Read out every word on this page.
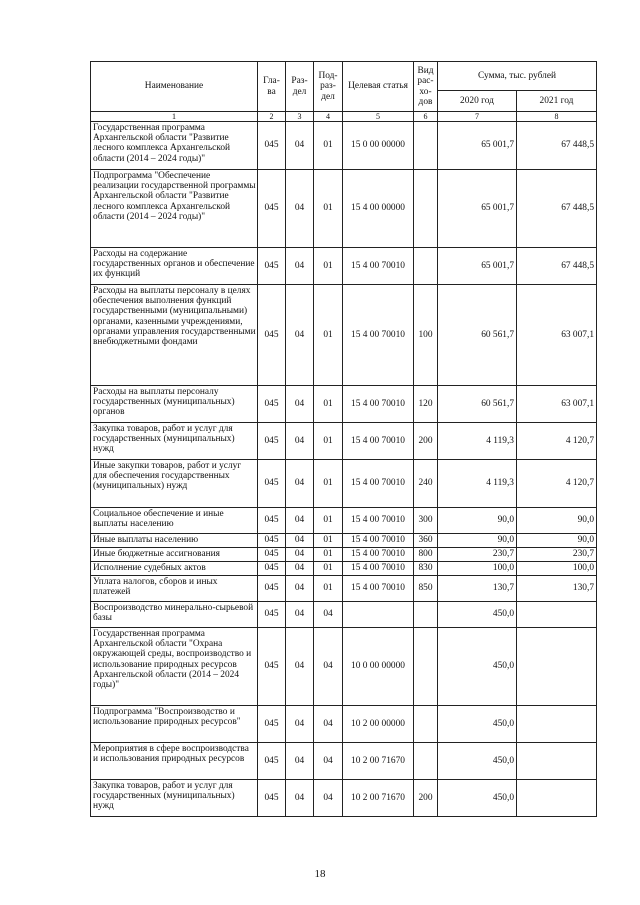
Наименование	Гла-ва	Раз-дел	Под-раз-дел	Целевая статья	Вид рас-хо-дов	Сумма, тыс. рублей	
						2020 год	2021 год
1	2	3	4	5	6	7	8
Государственная программа Архангельской области "Развитие лесного комплекса Архангельской области (2014 – 2024 годы)"	045	04	01	15 0 00 00000		65 001,7	67 448,5
Подпрограмма "Обеспечение реализации государственной программы Архангельской области "Развитие лесного комплекса Архангельской области (2014 – 2024 годы)"	045	04	01	15 4 00 00000		65 001,7	67 448,5
Расходы на содержание государственных органов и обеспечение их функций	045	04	01	15 4 00 70010		65 001,7	67 448,5
Расходы на выплаты персоналу в целях обеспечения выполнения функций государственными (муниципальными) органами, казенными учреждениями, органами управления государственными внебюджетными фондами	045	04	01	15 4 00 70010	100	60 561,7	63 007,1
Расходы на выплаты персоналу государственных (муниципальных) органов	045	04	01	15 4 00 70010	120	60 561,7	63 007,1
Закупка товаров, работ и услуг для государственных (муниципальных) нужд	045	04	01	15 4 00 70010	200	4 119,3	4 120,7
Иные закупки товаров, работ и услуг для обеспечения государственных (муниципальных) нужд	045	04	01	15 4 00 70010	240	4 119,3	4 120,7
Социальное обеспечение и иные выплаты населению	045	04	01	15 4 00 70010	300	90,0	90,0
Иные выплаты населению	045	04	01	15 4 00 70010	360	90,0	90,0
Иные бюджетные ассигнования	045	04	01	15 4 00 70010	800	230,7	230,7
Исполнение судебных актов	045	04	01	15 4 00 70010	830	100,0	100,0
Уплата налогов, сборов и иных платежей	045	04	01	15 4 00 70010	850	130,7	130,7
Воспроизводство минерально-сырьевой базы	045	04	04			450,0	
Государственная программа Архангельской области "Охрана окружающей среды, воспроизводство и использование природных ресурсов Архангельской области (2014 – 2024 годы)"	045	04	04	10 0 00 00000		450,0	
Подпрограмма "Воспроизводство и использование природных ресурсов"	045	04	04	10 2 00 00000		450,0	
Мероприятия в сфере воспроизводства и использования природных ресурсов	045	04	04	10 2 00 71670		450,0	
Закупка товаров, работ и услуг для государственных (муниципальных) нужд	045	04	04	10 2 00 71670	200	450,0	
18
